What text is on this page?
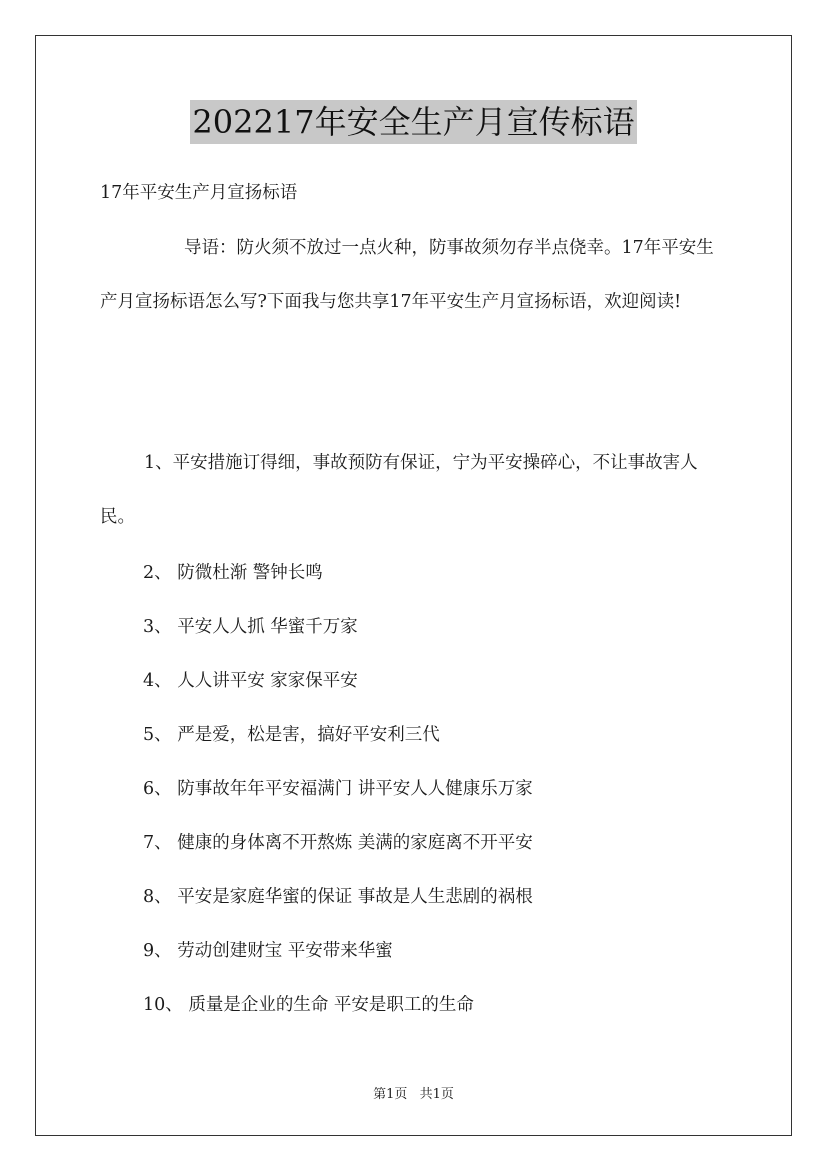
202217年安全生产月宣传标语
17年平安生产月宣扬标语
导语：防火须不放过一点火种，防事故须勿存半点侥幸。17年平安生产月宣扬标语怎么写?下面我与您共享17年平安生产月宣扬标语，欢迎阅读!
1、平安措施订得细，事故预防有保证，宁为平安操碎心，不让事故害人民。
2、 防微杜渐 警钟长鸣
3、 平安人人抓 华蜜千万家
4、 人人讲平安 家家保平安
5、 严是爱，松是害，搞好平安利三代
6、 防事故年年平安福满门 讲平安人人健康乐万家
7、 健康的身体离不开熬炼 美满的家庭离不开平安
8、 平安是家庭华蜜的保证 事故是人生悲剧的祸根
9、 劳动创建财宝 平安带来华蜜
10、 质量是企业的生命 平安是职工的生命
第1页 共1页
